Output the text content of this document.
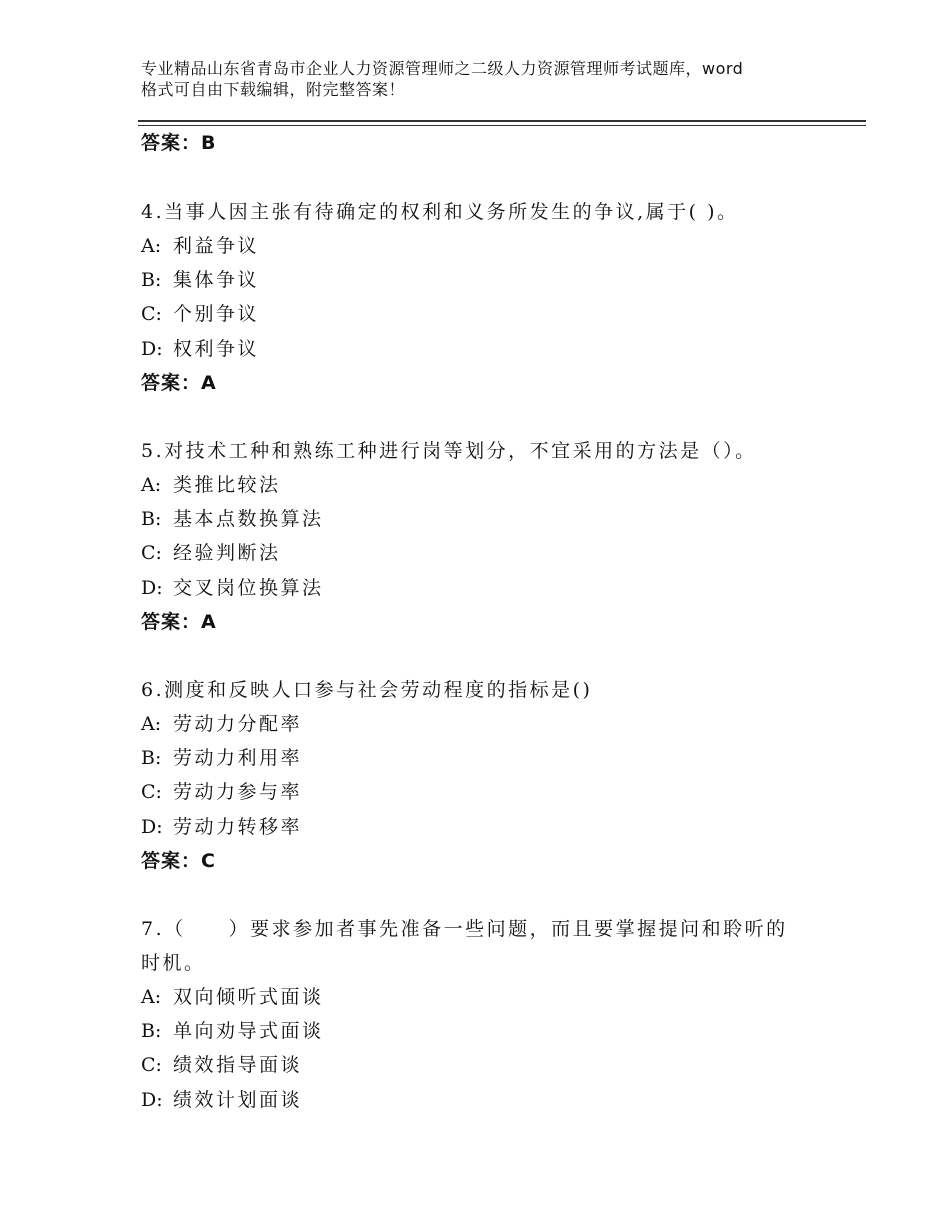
专业精品山东省青岛市企业人力资源管理师之二级人力资源管理师考试题库，word
格式可自由下载编辑，附完整答案！
答案：B
4.当事人因主张有待确定的权利和义务所发生的争议,属于( )。
A: 利益争议
B: 集体争议
C: 个别争议
D: 权利争议
答案：A
5.对技术工种和熟练工种进行岗等划分，不宜采用的方法是（）。
A: 类推比较法
B: 基本点数换算法
C: 经验判断法
D: 交叉岗位换算法
答案：A
6.测度和反映人口参与社会劳动程度的指标是()
A: 劳动力分配率
B: 劳动力利用率
C: 劳动力参与率
D: 劳动力转移率
答案：C
7.（　　）要求参加者事先准备一些问题，而且要掌握提问和聆听的
时机。
A: 双向倾听式面谈
B: 单向劝导式面谈
C: 绩效指导面谈
D: 绩效计划面谈
